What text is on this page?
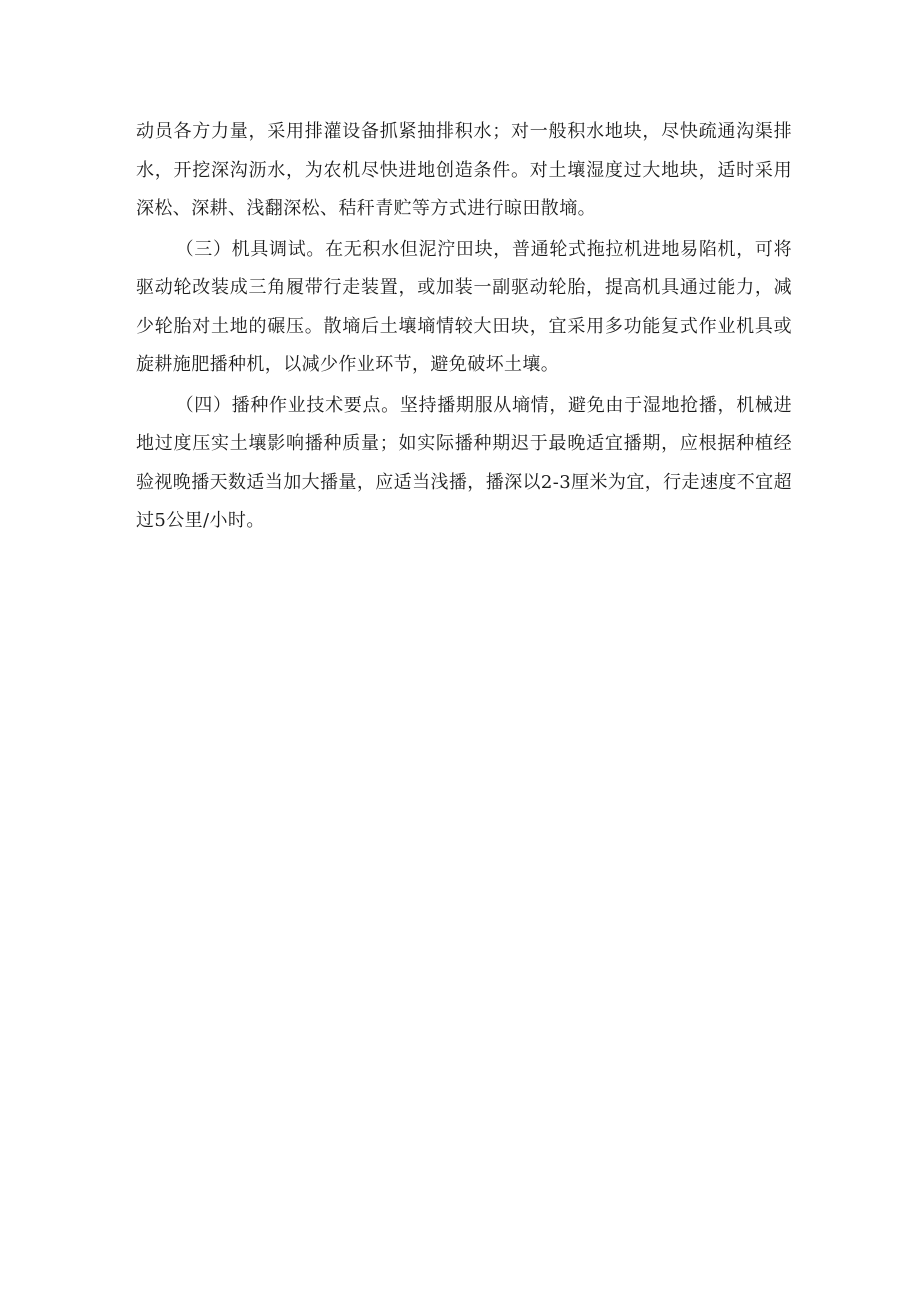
动员各方力量，采用排灌设备抓紧抽排积水；对一般积水地块，尽快疏通沟渠排水，开挖深沟沥水，为农机尽快进地创造条件。对土壤湿度过大地块，适时采用深松、深耕、浅翻深松、秸秆青贮等方式进行晾田散墒。

（三）机具调试。在无积水但泥泞田块，普通轮式拖拉机进地易陷机，可将驱动轮改装成三角履带行走装置，或加装一副驱动轮胎，提高机具通过能力，减少轮胎对土地的碾压。散墒后土壤墒情较大田块，宜采用多功能复式作业机具或旋耕施肥播种机，以减少作业环节，避免破坏土壤。

（四）播种作业技术要点。坚持播期服从墒情，避免由于湿地抢播，机械进地过度压实土壤影响播种质量；如实际播种期迟于最晚适宜播期，应根据种植经验视晚播天数适当加大播量，应适当浅播，播深以2-3厘米为宜，行走速度不宜超过5公里/小时。
